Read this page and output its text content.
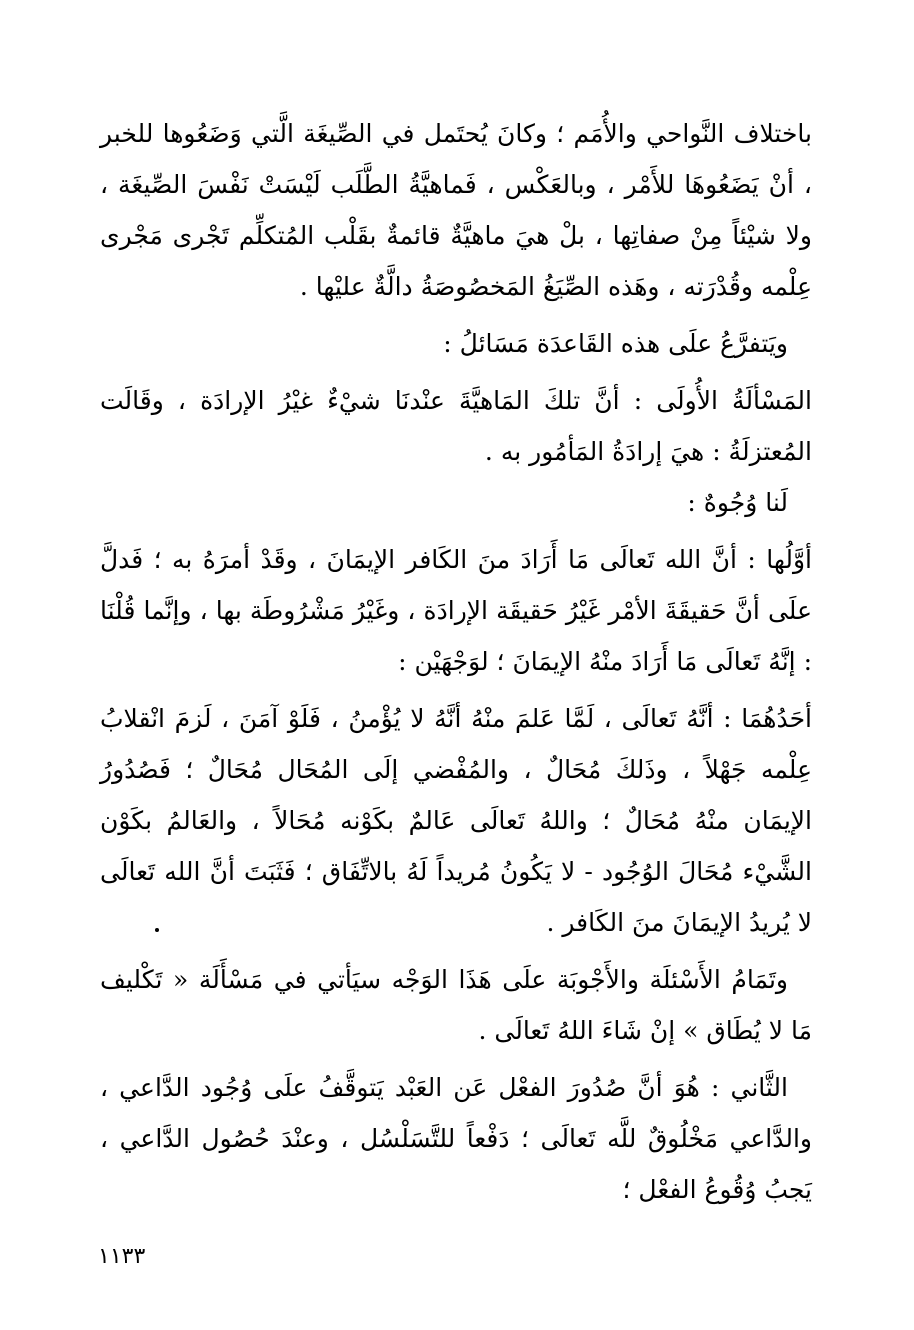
باختلاف النَّواحي والأُمَم ؛ وكانَ يُحتَمل في الصِّيغَة الَّتي وَضَعُوها للخبر ، أنْ يَضَعُوهَا للأَمْر ، وبالعَكْس ، فَماهيَّةُ الطَّلَب لَيْسَتْ نَفْسَ الصِّيغَة ، ولا شيْئاً مِنْ صفاتِها ، بلْ هيَ ماهيَّةٌ قائمةٌ بقَلْب المُتكلِّم تَجْرى مَجْرى عِلْمه وقُدْرَته ، وهَذه الصِّيَغُ المَخصُوصَةُ دالَّةٌ عليْها .

ويَتفرَّعُ علَى هذه القَاعدَة مَسَائلُ :

المَسْألَةُ الأُولَى : أنَّ تلكَ المَاهيَّةَ عنْدنَا شيْءٌ غيْرُ الإرادَة ، وقَالَت المُعتزلَةُ : هيَ إرادَةُ المَأمُور به .

لَنا وُجُوهٌ :

أوَّلُها : أنَّ الله تَعالَى مَا أَرَادَ منَ الكَافر الإيمَانَ ، وقَدْ أمرَهُ به ؛ فَدلَّ علَى أنَّ حَقيقَةَ الأمْر غَيْرُ حَقيقَة الإرادَة ، وغَيْرُ مَشْرُوطَة بها ، وإنَّما قُلْنَا : إنَّهُ تَعالَى مَا أَرَادَ منْهُ الإيمَانَ ؛ لوَجْهَيْن :

أحَدُهُمَا : أنَّهُ تَعالَى ، لَمَّا عَلمَ منْهُ أنَّهُ لا يُؤْمنُ ، فَلَوْ آمَنَ ، لَزمَ انْقلابُ عِلْمه جَهْلاً ، وذَلكَ مُحَالٌ ، والمُفْضي إلَى المُحَال مُحَالٌ ؛ فَصُدُورُ الإيمَان منْهُ مُحَالٌ ؛ واللهُ تَعالَى عَالمٌ بكَوْنه مُحَالاً ، والعَالمُ بكَوْن الشَّيْء مُحَالَ الوُجُود - لا يَكُونُ مُريداً لَهُ بالاتِّفَاق ؛ فَثَبَتَ أنَّ الله تَعالَى لا يُريدُ الإيمَانَ منَ الكَافر .

وتَمَامُ الأَسْئلَة والأَجْوبَة علَى هَذَا الوَجْه سيَأتي في مَسْأَلَة « تَكْليف مَا لا يُطَاق » إنْ شَاءَ اللهُ تَعالَى .

الثَّاني : هُوَ أنَّ صُدُورَ الفعْل عَن العَبْد يَتوقَّفُ علَى وُجُود الدَّاعي ، والدَّاعي مَخْلُوقٌ للَّه تَعالَى ؛ دَفْعاً للتَّسَلْسُل ، وعنْدَ حُصُول الدَّاعي ، يَجبُ وُقُوعُ الفعْل ؛

١١٣٣
